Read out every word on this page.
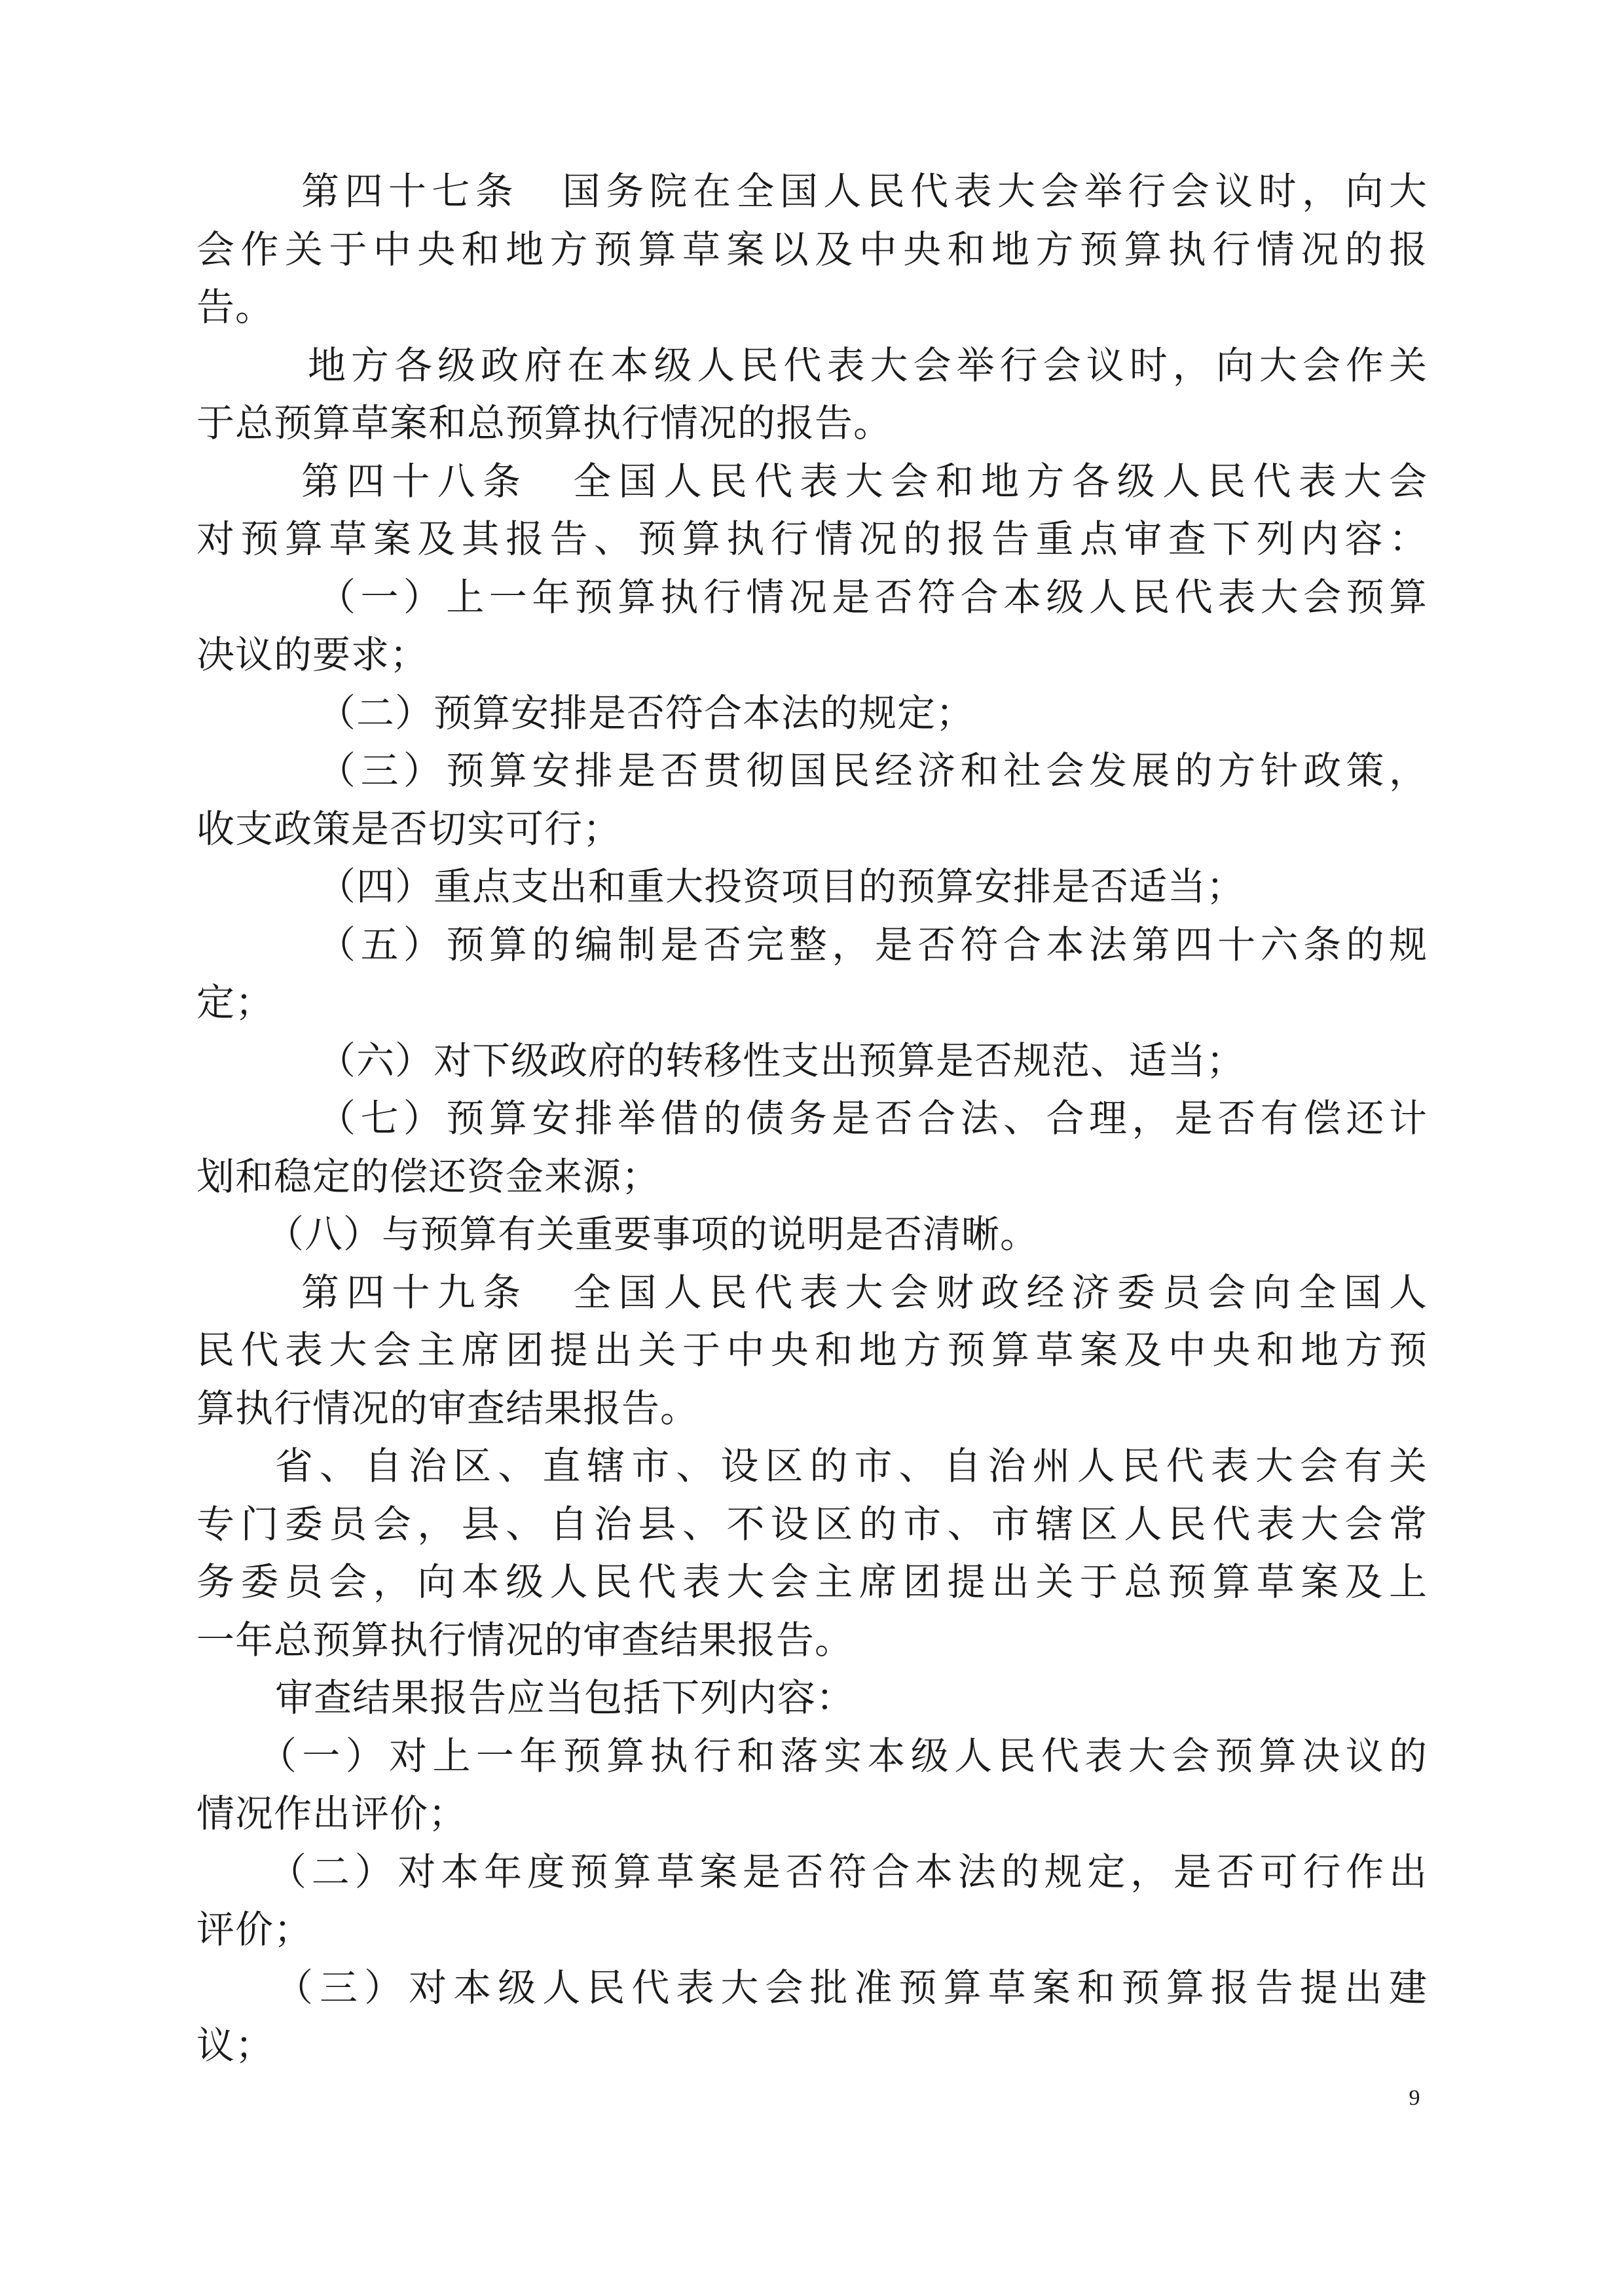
第四十七条　国务院在全国人民代表大会举行会议时，向大
会作关于中央和地方预算草案以及中央和地方预算执行情况的报
告。
地方各级政府在本级人民代表大会举行会议时，向大会作关
于总预算草案和总预算执行情况的报告。
第四十八条　全国人民代表大会和地方各级人民代表大会
对预算草案及其报告、预算执行情况的报告重点审查下列内容：
（一）上一年预算执行情况是否符合本级人民代表大会预算
决议的要求；
（二）预算安排是否符合本法的规定；
（三）预算安排是否贯彻国民经济和社会发展的方针政策，
收支政策是否切实可行；
（四）重点支出和重大投资项目的预算安排是否适当；
（五）预算的编制是否完整，是否符合本法第四十六条的规
定；
（六）对下级政府的转移性支出预算是否规范、适当；
（七）预算安排举借的债务是否合法、合理，是否有偿还计
划和稳定的偿还资金来源；
（八）与预算有关重要事项的说明是否清晰。
第四十九条　全国人民代表大会财政经济委员会向全国人
民代表大会主席团提出关于中央和地方预算草案及中央和地方预
算执行情况的审查结果报告。
省、自治区、直辖市、设区的市、自治州人民代表大会有关
专门委员会，县、自治县、不设区的市、市辖区人民代表大会常
务委员会，向本级人民代表大会主席团提出关于总预算草案及上
一年总预算执行情况的审查结果报告。
审查结果报告应当包括下列内容：
（一）对上一年预算执行和落实本级人民代表大会预算决议的
情况作出评价；
（二）对本年度预算草案是否符合本法的规定，是否可行作出
评价；
（三）对本级人民代表大会批准预算草案和预算报告提出建
议；
9
